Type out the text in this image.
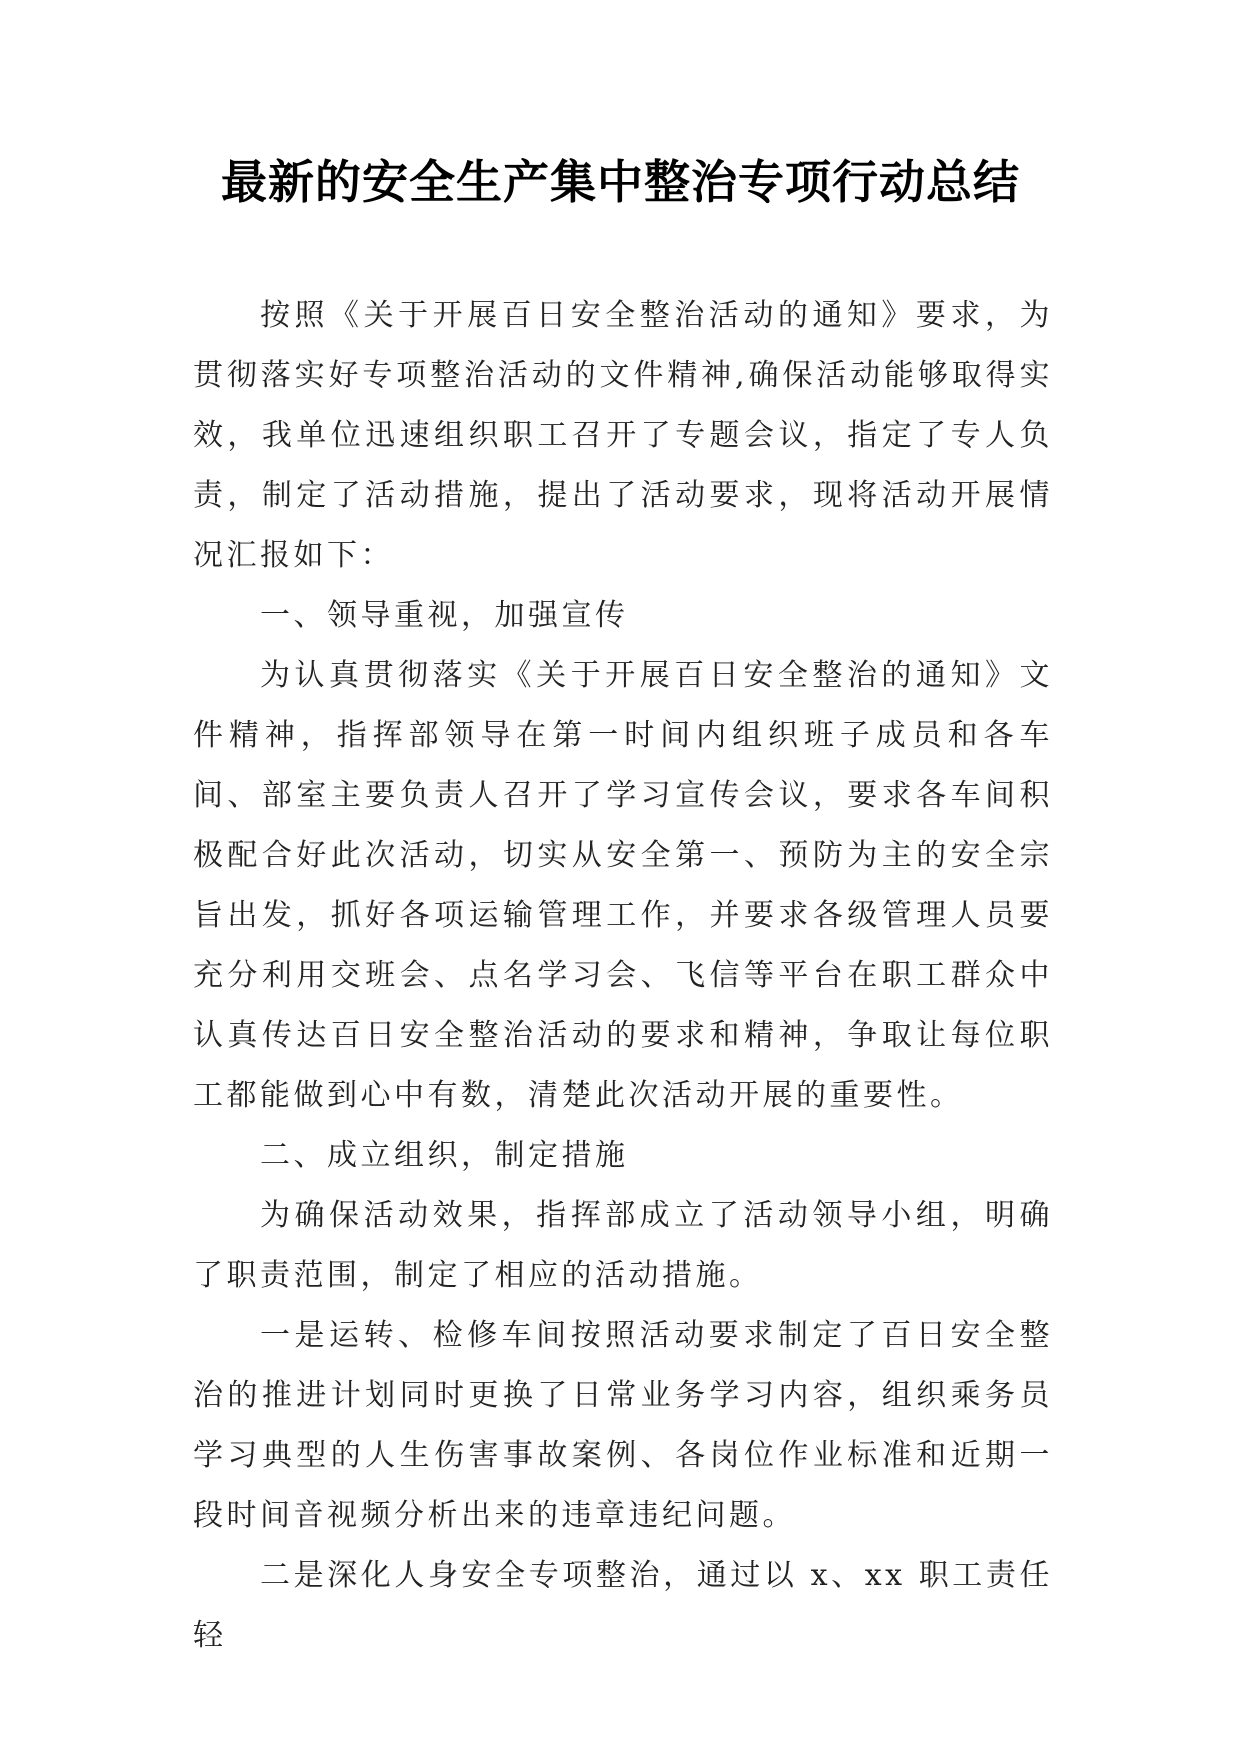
最新的安全生产集中整治专项行动总结

按照《关于开展百日安全整治活动的通知》要求，为贯彻落实好专项整治活动的文件精神,确保活动能够取得实效，我单位迅速组织职工召开了专题会议，指定了专人负责，制定了活动措施，提出了活动要求，现将活动开展情况汇报如下：

一、领导重视，加强宣传

为认真贯彻落实《关于开展百日安全整治的通知》文件精神，指挥部领导在第一时间内组织班子成员和各车间、部室主要负责人召开了学习宣传会议，要求各车间积极配合好此次活动，切实从安全第一、预防为主的安全宗旨出发，抓好各项运输管理工作，并要求各级管理人员要充分利用交班会、点名学习会、飞信等平台在职工群众中认真传达百日安全整治活动的要求和精神，争取让每位职工都能做到心中有数，清楚此次活动开展的重要性。

二、成立组织，制定措施

为确保活动效果，指挥部成立了活动领导小组，明确了职责范围，制定了相应的活动措施。

一是运转、检修车间按照活动要求制定了百日安全整治的推进计划同时更换了日常业务学习内容，组织乘务员学习典型的人生伤害事故案例、各岗位作业标准和近期一段时间音视频分析出来的违章违纪问题。

二是深化人身安全专项整治，通过以 x、xx 职工责任轻
